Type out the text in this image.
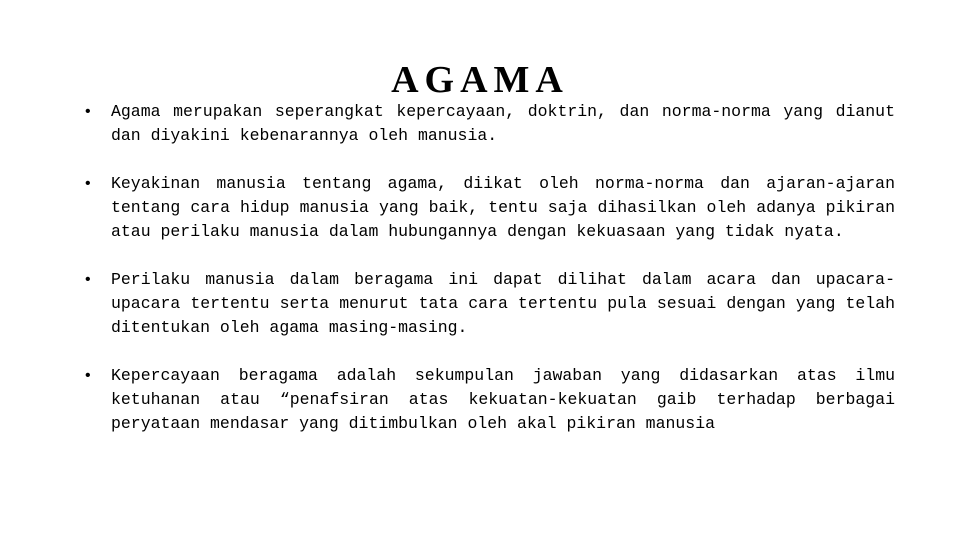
AGAMA
• Agama merupakan seperangkat kepercayaan, doktrin, dan norma-norma yang dianut dan diyakini kebenarannya oleh manusia.
• Keyakinan manusia tentang agama, diikat oleh norma-norma dan ajaran-ajaran tentang cara hidup manusia yang baik, tentu saja dihasilkan oleh adanya pikiran atau perilaku manusia dalam hubungannya dengan kekuasaan yang tidak nyata.
• Perilaku manusia dalam beragama ini dapat dilihat dalam acara dan upacara-upacara tertentu serta menurut tata cara tertentu pula sesuai dengan yang telah ditentukan oleh agama masing-masing.
• Kepercayaan beragama adalah sekumpulan jawaban yang didasarkan atas ilmu ketuhanan atau “penafsiran atas kekuatan-kekuatan gaib terhadap berbagai peryataan mendasar yang ditimbulkan oleh akal pikiran manusia
